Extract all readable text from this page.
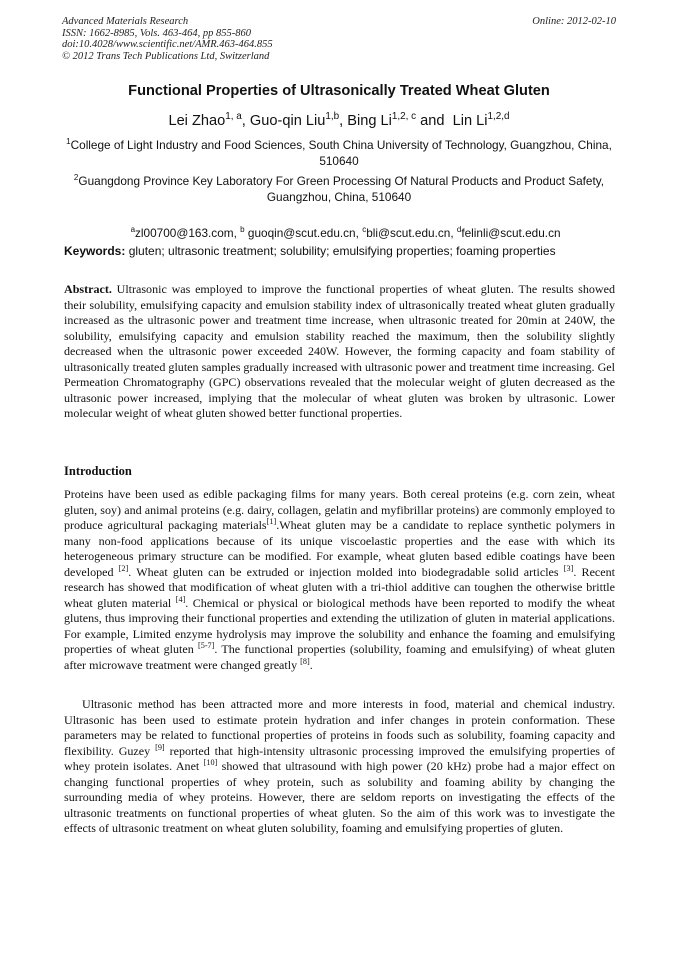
Advanced Materials Research
ISSN: 1662-8985, Vols. 463-464, pp 855-860
doi:10.4028/www.scientific.net/AMR.463-464.855
© 2012 Trans Tech Publications Ltd, Switzerland
Online: 2012-02-10
Functional Properties of Ultrasonically Treated Wheat Gluten
Lei Zhao$^{1, a}$, Guo-qin Liu$^{1,b}$, Bing Li$^{1,2, c}$ and  Lin Li$^{1,2,d}$
$^1$College of Light Industry and Food Sciences, South China University of Technology, Guangzhou, China, 510640
$^2$Guangdong Province Key Laboratory For Green Processing Of Natural Products and Product Safety, Guangzhou, China, 510640

$^a$zl00700@163.com, $^b$ guoqin@scut.edu.cn, $^c$bli@scut.edu.cn, $^d$felinli@scut.edu.cn

Keywords: gluten; ultrasonic treatment; solubility; emulsifying properties; foaming properties
Abstract. Ultrasonic was employed to improve the functional properties of wheat gluten. The results showed their solubility, emulsifying capacity and emulsion stability index of ultrasonically treated wheat gluten gradually increased as the ultrasonic power and treatment time increase, when ultrasonic treated for 20min at 240W, the solubility, emulsifying capacity and emulsion stability reached the maximum, then the solubility slightly decreased when the ultrasonic power exceeded 240W. However, the forming capacity and foam stability of ultrasonically treated gluten samples gradually increased with ultrasonic power and treatment time increasing. Gel Permeation Chromatography (GPC) observations revealed that the molecular weight of gluten decreased as the ultrasonic power increased, implying that the molecular of wheat gluten was broken by ultrasonic. Lower molecular weight of wheat gluten showed better functional properties.
Introduction

Proteins have been used as edible packaging films for many years. Both cereal proteins (e.g. corn zein, wheat gluten, soy) and animal proteins (e.g. dairy, collagen, gelatin and myfibrillar proteins) are commonly employed to produce agricultural packaging materials[1].Wheat gluten may be a candidate to replace synthetic polymers in many non-food applications because of its unique viscoelastic properties and the ease with which its heterogeneous primary structure can be modified. For example, wheat gluten based edible coatings have been developed [2]. Wheat gluten can be extruded or injection molded into biodegradable solid articles [3]. Recent research has showed that modification of wheat gluten with a tri-thiol additive can toughen the otherwise brittle wheat gluten material [4]. Chemical or physical or biological methods have been reported to modify the wheat glutens, thus improving their functional properties and extending the utilization of gluten in material applications. For example, Limited enzyme hydrolysis may improve the solubility and enhance the foaming and emulsifying properties of wheat gluten [5-7]. The functional properties (solubility, foaming and emulsifying) of wheat gluten after microwave treatment were changed greatly [8].

Ultrasonic method has been attracted more and more interests in food, material and chemical industry. Ultrasonic has been used to estimate protein hydration and infer changes in protein conformation. These parameters may be related to functional properties of proteins in foods such as solubility, foaming capacity and flexibility. Guzey [9] reported that high-intensity ultrasonic processing improved the emulsifying properties of whey protein isolates. Anet [10] showed that ultrasound with high power (20 kHz) probe had a major effect on changing functional properties of whey protein, such as solubility and foaming ability by changing the surrounding media of whey proteins. However, there are seldom reports on investigating the effects of the ultrasonic treatments on functional properties of wheat gluten. So the aim of this work was to investigate the effects of ultrasonic treatment on wheat gluten solubility, foaming and emulsifying properties of gluten.
